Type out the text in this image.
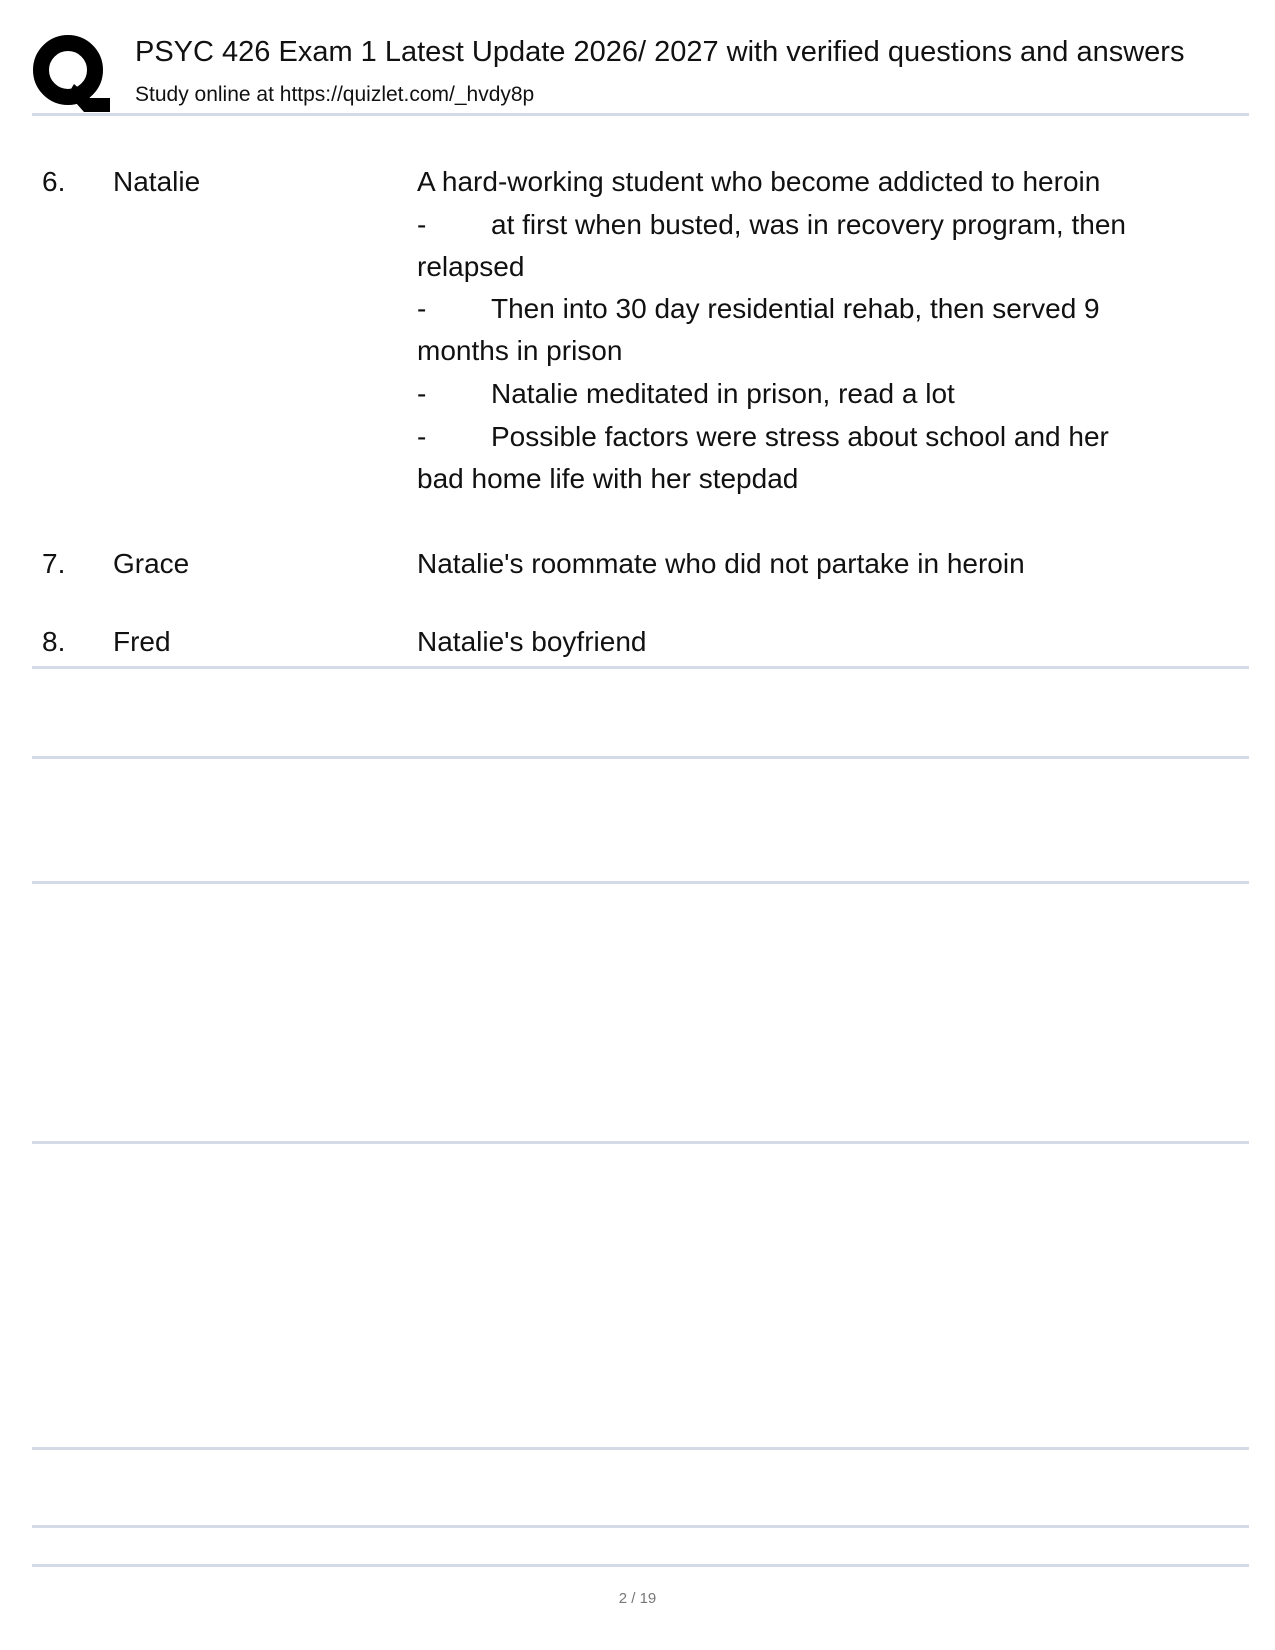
PSYC 426 Exam 1 Latest Update 2026/ 2027 with verified questions and answers
Study online at https://quizlet.com/_hvdy8p
6.	Natalie	A hard-working student who become addicted to heroin
- at first when busted, was in recovery program, then
relapsed
- Then into 30 day residential rehab, then served 9
months in prison
- Natalie meditated in prison, read a lot
- Possible factors were stress about school and her
bad home life with her stepdad
7.	Grace	Natalie's roommate who did not partake in heroin
8.	Fred	Natalie's boyfriend
2 / 19
